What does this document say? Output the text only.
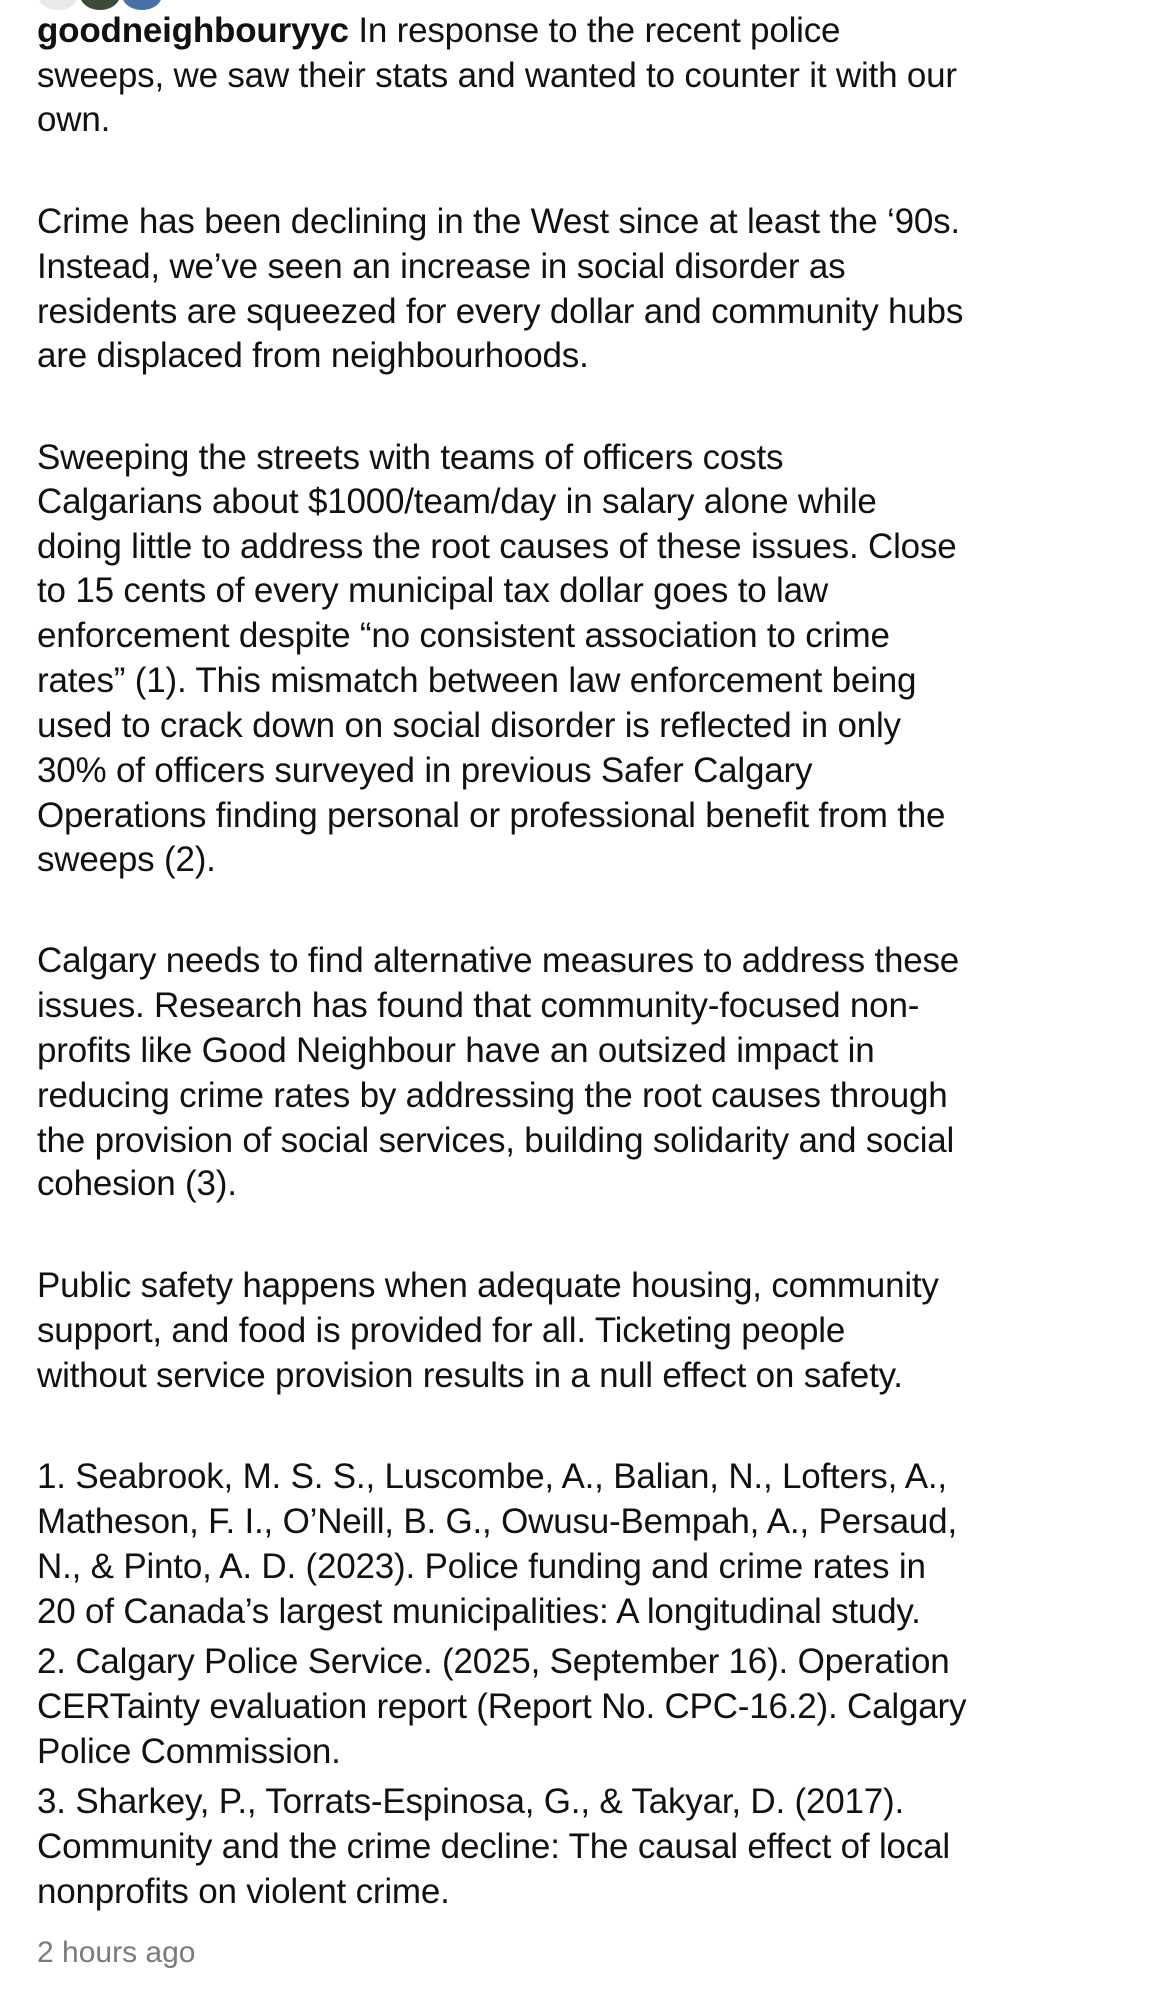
goodneighbouryyc In response to the recent police
sweeps, we saw their stats and wanted to counter it with our
own.
Crime has been declining in the West since at least the ‘90s.
Instead, we’ve seen an increase in social disorder as
residents are squeezed for every dollar and community hubs
are displaced from neighbourhoods.
Sweeping the streets with teams of officers costs
Calgarians about $1000/team/day in salary alone while
doing little to address the root causes of these issues. Close
to 15 cents of every municipal tax dollar goes to law
enforcement despite “no consistent association to crime
rates” (1). This mismatch between law enforcement being
used to crack down on social disorder is reflected in only
30% of officers surveyed in previous Safer Calgary
Operations finding personal or professional benefit from the
sweeps (2).
Calgary needs to find alternative measures to address these
issues. Research has found that community-focused non-
profits like Good Neighbour have an outsized impact in
reducing crime rates by addressing the root causes through
the provision of social services, building solidarity and social
cohesion (3).
Public safety happens when adequate housing, community
support, and food is provided for all. Ticketing people
without service provision results in a null effect on safety.
1. Seabrook, M. S. S., Luscombe, A., Balian, N., Lofters, A.,
Matheson, F. I., O’Neill, B. G., Owusu-Bempah, A., Persaud,
N., & Pinto, A. D. (2023). Police funding and crime rates in
20 of Canada’s largest municipalities: A longitudinal study.
2. Calgary Police Service. (2025, September 16). Operation
CERTainty evaluation report (Report No. CPC-16.2). Calgary
Police Commission.
3. Sharkey, P., Torrats-Espinosa, G., & Takyar, D. (2017).
Community and the crime decline: The causal effect of local
nonprofits on violent crime.
2 hours ago
